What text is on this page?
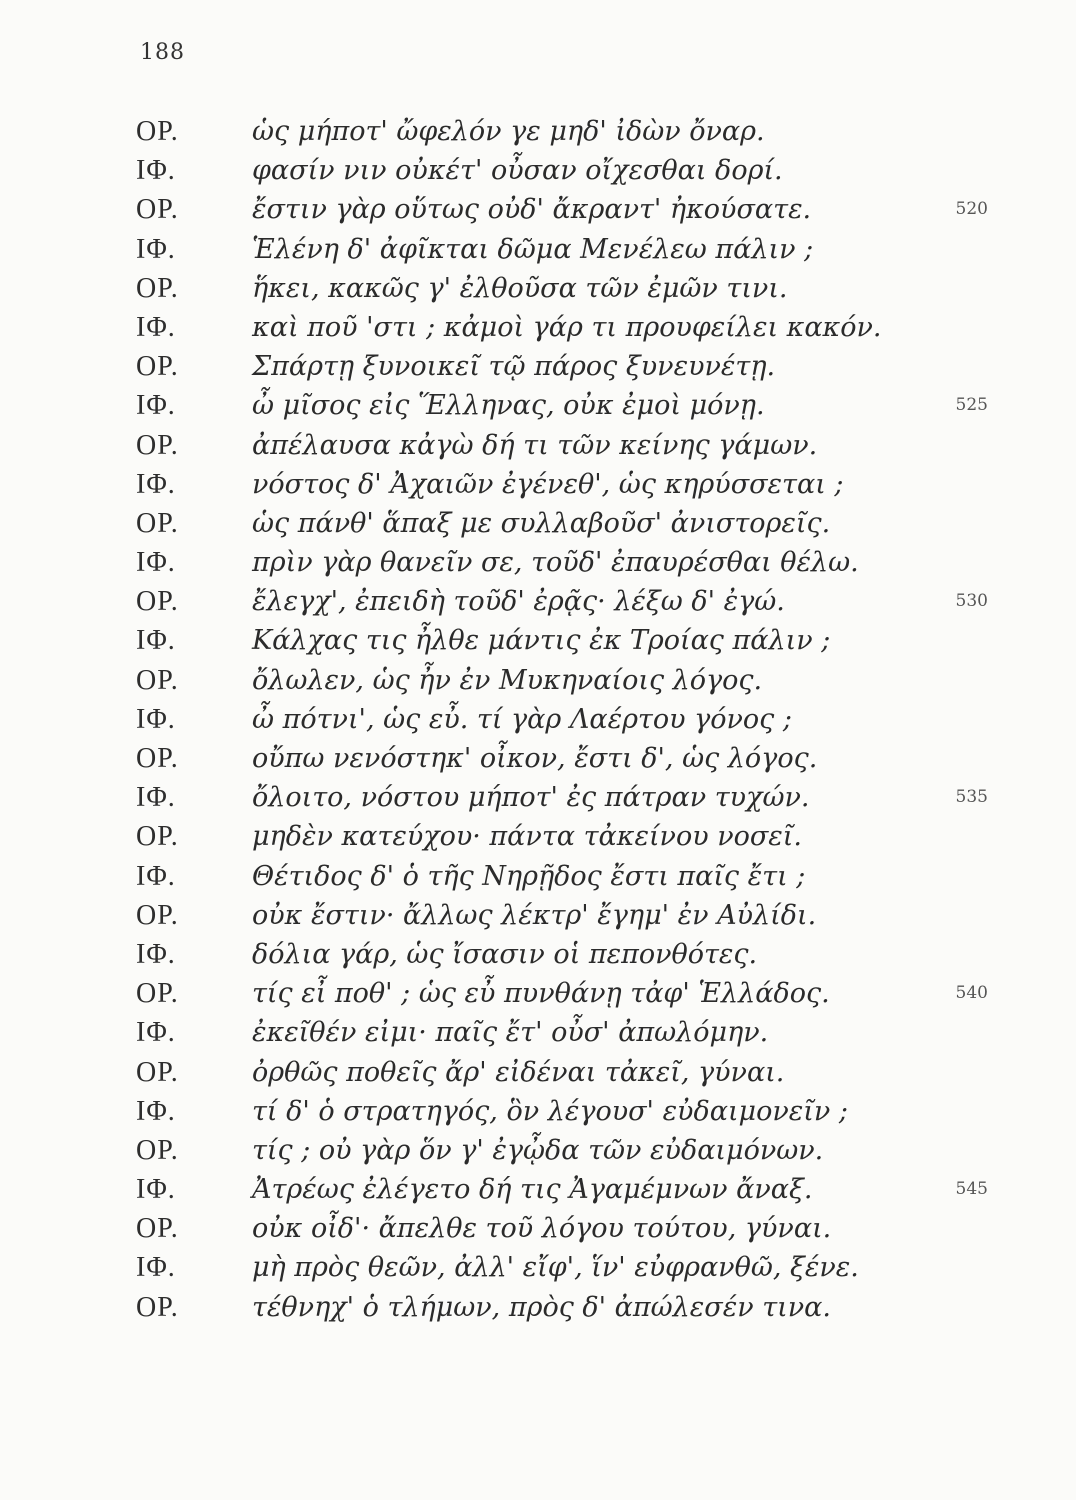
188
ΟΡ.	ὡς μήποτ' ὤφελόν γε μηδ' ἰδὼν ὄναρ.
ΙΦ.	φασίν νιν οὐκέτ' οὖσαν οἴχεσθαι δορί.
ΟΡ.	ἔστιν γὰρ οὕτως οὐδ' ἄκραντ' ἠκούσατε.	520
ΙΦ.	Ἑλένη δ' ἀφῖκται δῶμα Μενέλεω πάλιν ;
ΟΡ.	ἥκει, κακῶς γ' ἐλθοῦσα τῶν ἐμῶν τινι.
ΙΦ.	καὶ ποῦ 'στι ; κἀμοὶ γάρ τι προυφείλει κακόν.
ΟΡ.	Σπάρτῃ ξυνοικεῖ τῷ πάρος ξυνευνέτῃ.
ΙΦ.	ὦ μῖσος εἰς Ἕλληνας, οὐκ ἐμοὶ μόνῃ.	525
ΟΡ.	ἀπέλαυσα κἀγὼ δή τι τῶν κείνης γάμων.
ΙΦ.	νόστος δ' Ἀχαιῶν ἐγένεθ', ὡς κηρύσσεται ;
ΟΡ.	ὡς πάνθ' ἅπαξ με συλλαβοῦσ' ἀνιστορεῖς.
ΙΦ.	πρὶν γὰρ θανεῖν σε, τοῦδ' ἐπαυρέσθαι θέλω.
ΟΡ.	ἔλεγχ', ἐπειδὴ τοῦδ' ἐρᾷς· λέξω δ' ἐγώ.	530
ΙΦ.	Κάλχας τις ἦλθε μάντις ἐκ Τροίας πάλιν ;
ΟΡ.	ὄλωλεν, ὡς ἦν ἐν Μυκηναίοις λόγος.
ΙΦ.	ὦ πότνι', ὡς εὖ. τί γὰρ Λαέρτου γόνος ;
ΟΡ.	οὔπω νενόστηκ' οἶκον, ἔστι δ', ὡς λόγος.
ΙΦ.	ὄλοιτο, νόστου μήποτ' ἐς πάτραν τυχών.	535
ΟΡ.	μηδὲν κατεύχου· πάντα τἀκείνου νοσεῖ.
ΙΦ.	Θέτιδος δ' ὁ τῆς Νηρῇδος ἔστι παῖς ἔτι ;
ΟΡ.	οὐκ ἔστιν· ἄλλως λέκτρ' ἔγημ' ἐν Αὐλίδι.
ΙΦ.	δόλια γάρ, ὡς ἴσασιν οἱ πεπονθότες.
ΟΡ.	τίς εἶ ποθ' ; ὡς εὖ πυνθάνῃ τἀφ' Ἑλλάδος.	540
ΙΦ.	ἐκεῖθέν εἰμι· παῖς ἔτ' οὖσ' ἀπωλόμην.
ΟΡ.	ὀρθῶς ποθεῖς ἄρ' εἰδέναι τἀκεῖ, γύναι.
ΙΦ.	τί δ' ὁ στρατηγός, ὃν λέγουσ' εὐδαιμονεῖν ;
ΟΡ.	τίς ; οὐ γὰρ ὅν γ' ἐγᾦδα τῶν εὐδαιμόνων.
ΙΦ.	Ἀτρέως ἐλέγετο δή τις Ἀγαμέμνων ἄναξ.	545
ΟΡ.	οὐκ οἶδ'· ἄπελθε τοῦ λόγου τούτου, γύναι.
ΙΦ.	μὴ πρὸς θεῶν, ἀλλ' εἴφ', ἵν' εὐφρανθῶ, ξένε.
ΟΡ.	τέθνηχ' ὁ τλήμων, πρὸς δ' ἀπώλεσέν τινα.
